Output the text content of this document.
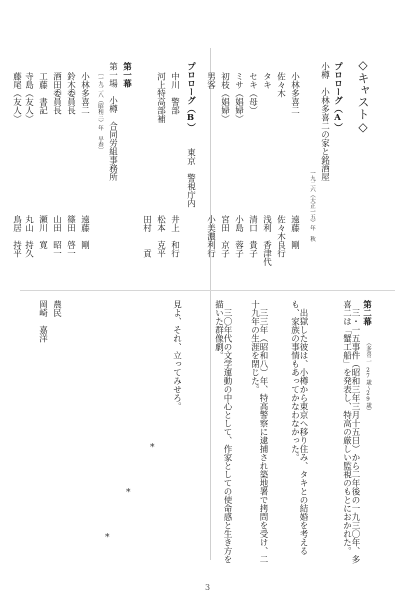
◇キャスト◇
プロローグ（A）
小樽　小林多喜二の家と銘酒屋
一九二六（大正一五）年　秋
小林多喜二
遠藤　剛
佐々木
佐々木良行
タキ
浅利　香津代
セキ（母）
清口　貴子
ミサ（娼婦）
小島　蓉子
初枝（娼婦）
宮田　京子
男客
小美濃利行
プロローグ（B）
東京　警視庁内
中川　警部
井上　和行
河上特高部補
松本　克平
田村　　貢
第一幕
第一場　小樽　合同労組事務所
〔一九二八（昭和三）年　早春〕
小林多喜二
遠藤　剛
鈴木委員長
篠田　啓一
酒田委員長
山田　昭一
工藤　書記
瀬川　寛
寺島（友人）
丸山　持久
藤尾（友人）
鳥居　持平
農民
岡崎　嘉洋	第二幕
（多喜二　27歳〜29歳）
　三・一五事件（昭和三年三月十五日）から二年後の一九三〇年、多喜二は「蟹工船」を発表し、特高の厳しい監視のもとにおかれた。
　出獄した彼は、小樽から東京へ移り住み、タキとの結婚を考えるも、家族の事情もあってかなわなかった。
　三三年（昭和八）年、特高警察に逮捕され築地署で拷問を受け、二十九年の生涯を閉じた。
　三〇年代の文学運動の中心として、作家としての使命感と生き方を描いた群像劇。
見よ、それ、立ってみせろ。
*
*
*
3
